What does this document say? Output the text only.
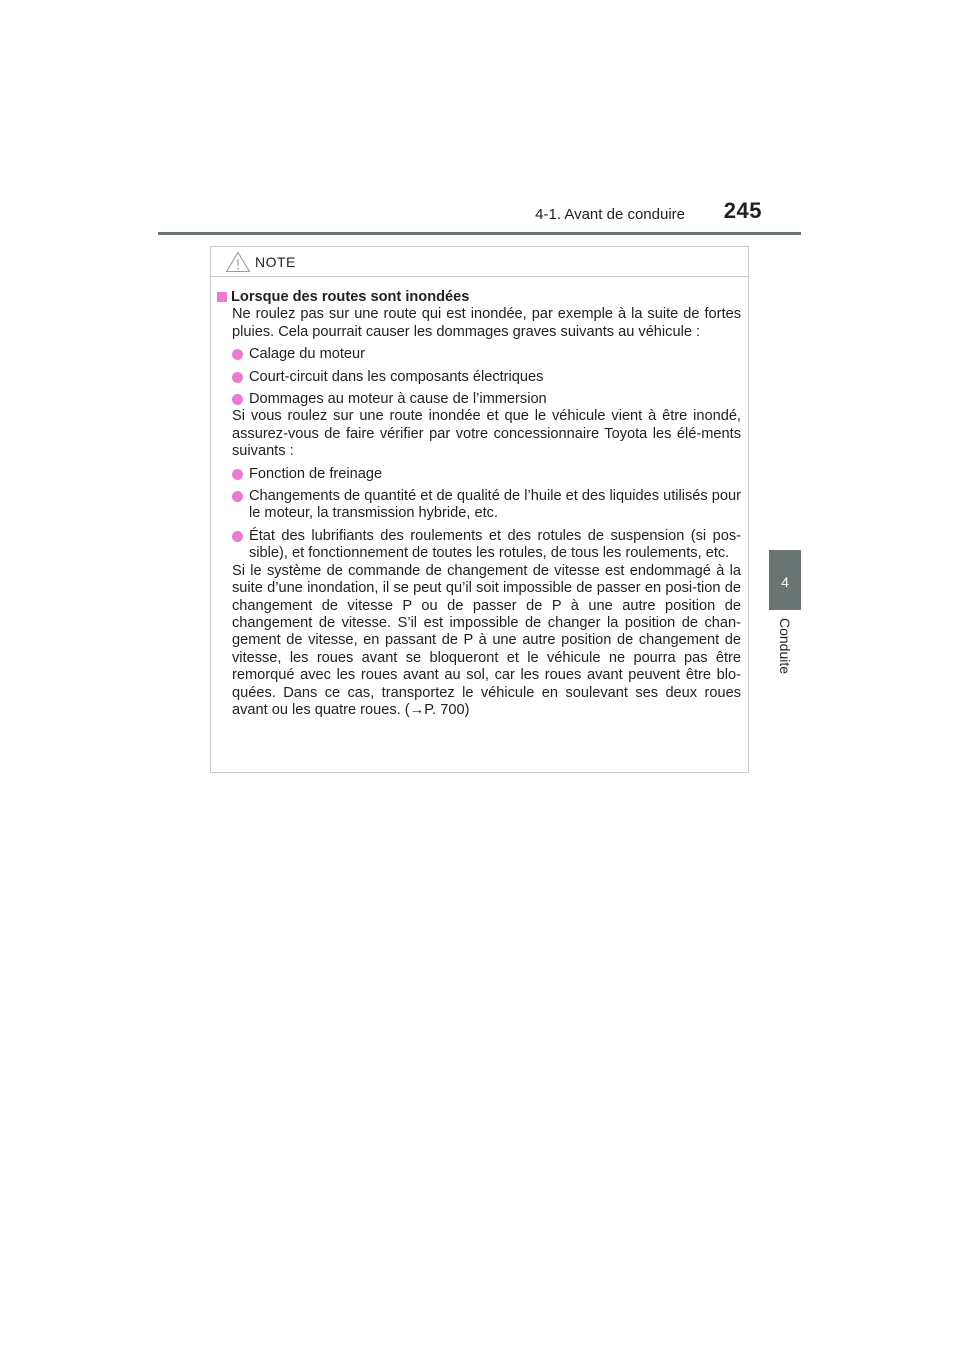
4-1. Avant de conduire	245
4
Conduite
NOTE
Lorsque des routes sont inondées

Ne roulez pas sur une route qui est inondée, par exemple à la suite de fortes pluies. Cela pourrait causer les dommages graves suivants au véhicule :

Calage du moteur
Court-circuit dans les composants électriques
Dommages au moteur à cause de l’immersion

Si vous roulez sur une route inondée et que le véhicule vient à être inondé, assurez-vous de faire vérifier par votre concessionnaire Toyota les élé-ments suivants :

Fonction de freinage
Changements de quantité et de qualité de l’huile et des liquides utilisés pour le moteur, la transmission hybride, etc.
État des lubrifiants des roulements et des rotules de suspension (si pos-sible), et fonctionnement de toutes les rotules, de tous les roulements, etc.

Si le système de commande de changement de vitesse est endommagé à la suite d’une inondation, il se peut qu’il soit impossible de passer en posi-tion de changement de vitesse P ou de passer de P à une autre position de changement de vitesse. S’il est impossible de changer la position de chan-gement de vitesse, en passant de P à une autre position de changement de vitesse, les roues avant se bloqueront et le véhicule ne pourra pas être remorqué avec les roues avant au sol, car les roues avant peuvent être blo-quées. Dans ce cas, transportez le véhicule en soulevant ses deux roues avant ou les quatre roues. (→P. 700)
